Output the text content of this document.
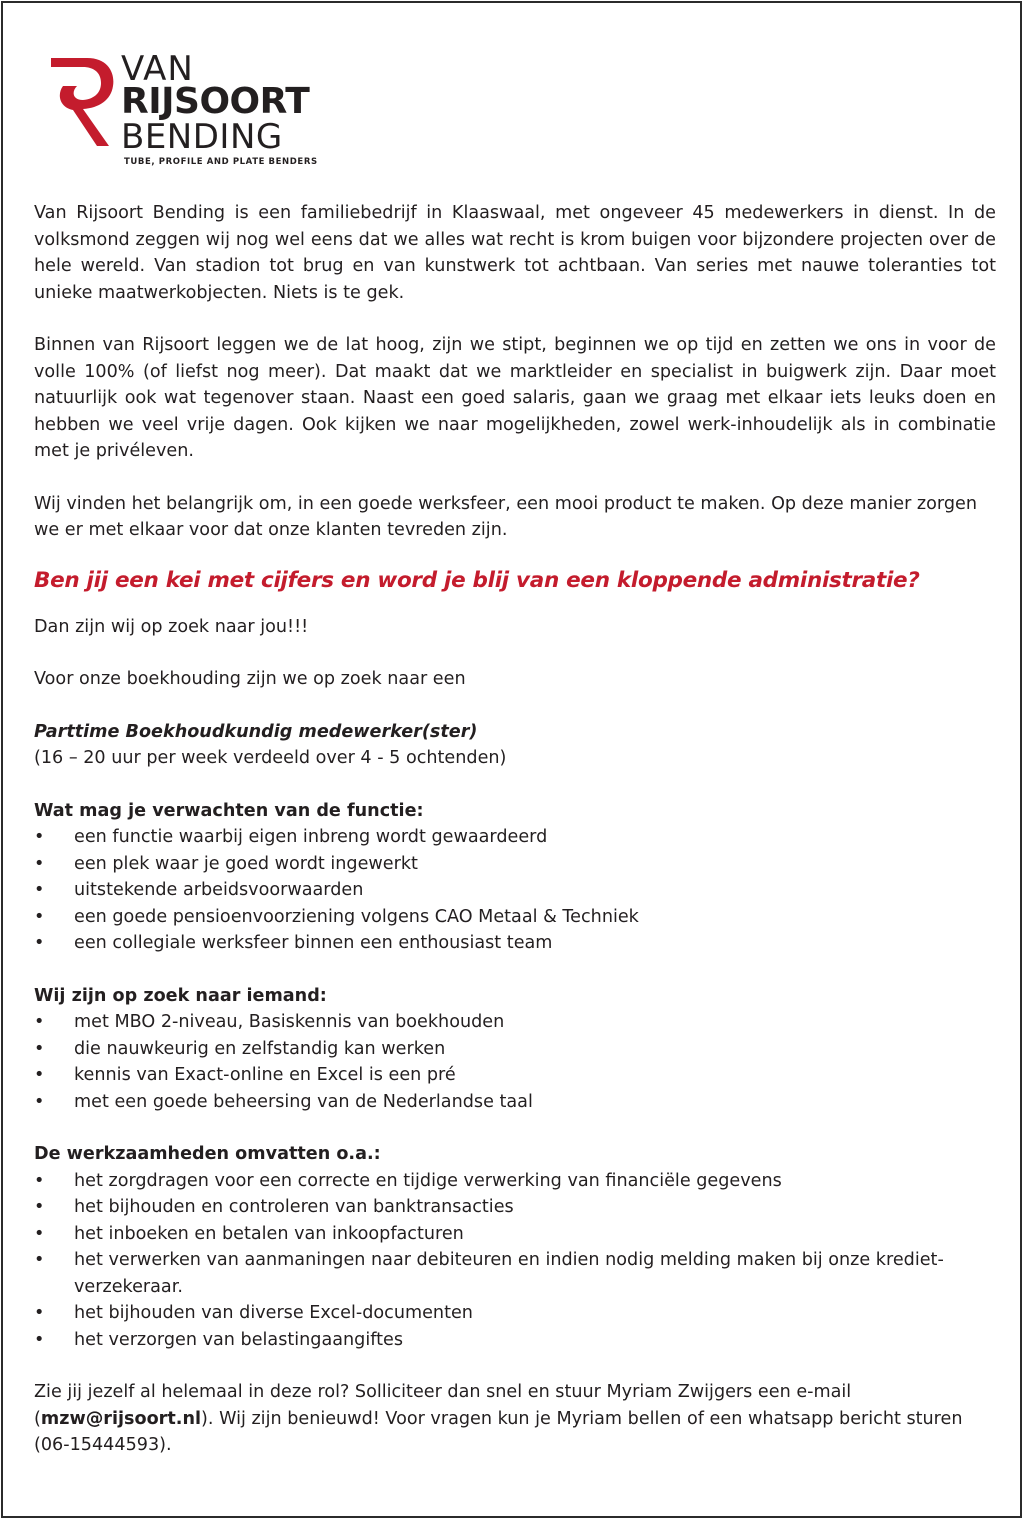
VAN
RIJSOORT
BENDING
TUBE, PROFILE AND PLATE BENDERS

Van Rijsoort Bending is een familiebedrijf in Klaaswaal, met ongeveer 45 medewerkers in dienst. In de volksmond zeggen wij nog wel eens dat we alles wat recht is krom buigen voor bijzondere projecten over de hele wereld. Van stadion tot brug en van kunstwerk tot achtbaan. Van series met nauwe toleranties tot unieke maatwerkobjecten. Niets is te gek.

Binnen van Rijsoort leggen we de lat hoog, zijn we stipt, beginnen we op tijd en zetten we ons in voor de volle 100% (of liefst nog meer). Dat maakt dat we marktleider en specialist in buigwerk zijn. Daar moet natuurlijk ook wat tegenover staan. Naast een goed salaris, gaan we graag met elkaar iets leuks doen en hebben we veel vrije dagen. Ook kijken we naar mogelijkheden, zowel werk-inhoudelijk als in combinatie met je privéleven.

Wij vinden het belangrijk om, in een goede werksfeer, een mooi product te maken. Op deze manier zorgen we er met elkaar voor dat onze klanten tevreden zijn.

Ben jij een kei met cijfers en word je blij van een kloppende administratie?

Dan zijn wij op zoek naar jou!!!

Voor onze boekhouding zijn we op zoek naar een

Parttime Boekhoudkundig medewerker(ster)

(16 – 20 uur per week verdeeld over 4 - 5 ochtenden)

Wat mag je verwachten van de functie:

• een functie waarbij eigen inbreng wordt gewaardeerd
• een plek waar je goed wordt ingewerkt
• uitstekende arbeidsvoorwaarden
• een goede pensioenvoorziening volgens CAO Metaal & Techniek
• een collegiale werksfeer binnen een enthousiast team

Wij zijn op zoek naar iemand:

• met MBO 2-niveau, Basiskennis van boekhouden
• die nauwkeurig en zelfstandig kan werken
• kennis van Exact-online en Excel is een pré
• met een goede beheersing van de Nederlandse taal

De werkzaamheden omvatten o.a.:

• het zorgdragen voor een correcte en tijdige verwerking van financiële gegevens
• het bijhouden en controleren van banktransacties
• het inboeken en betalen van inkoopfacturen
• het verwerken van aanmaningen naar debiteuren en indien nodig melding maken bij onze krediet-verzekeraar.
• het bijhouden van diverse Excel-documenten
• het verzorgen van belastingaangiftes

Zie jij jezelf al helemaal in deze rol? Solliciteer dan snel en stuur Myriam Zwijgers een e-mail
(mzw@rijsoort.nl). Wij zijn benieuwd! Voor vragen kun je Myriam bellen of een whatsapp bericht sturen
(06-15444593).
